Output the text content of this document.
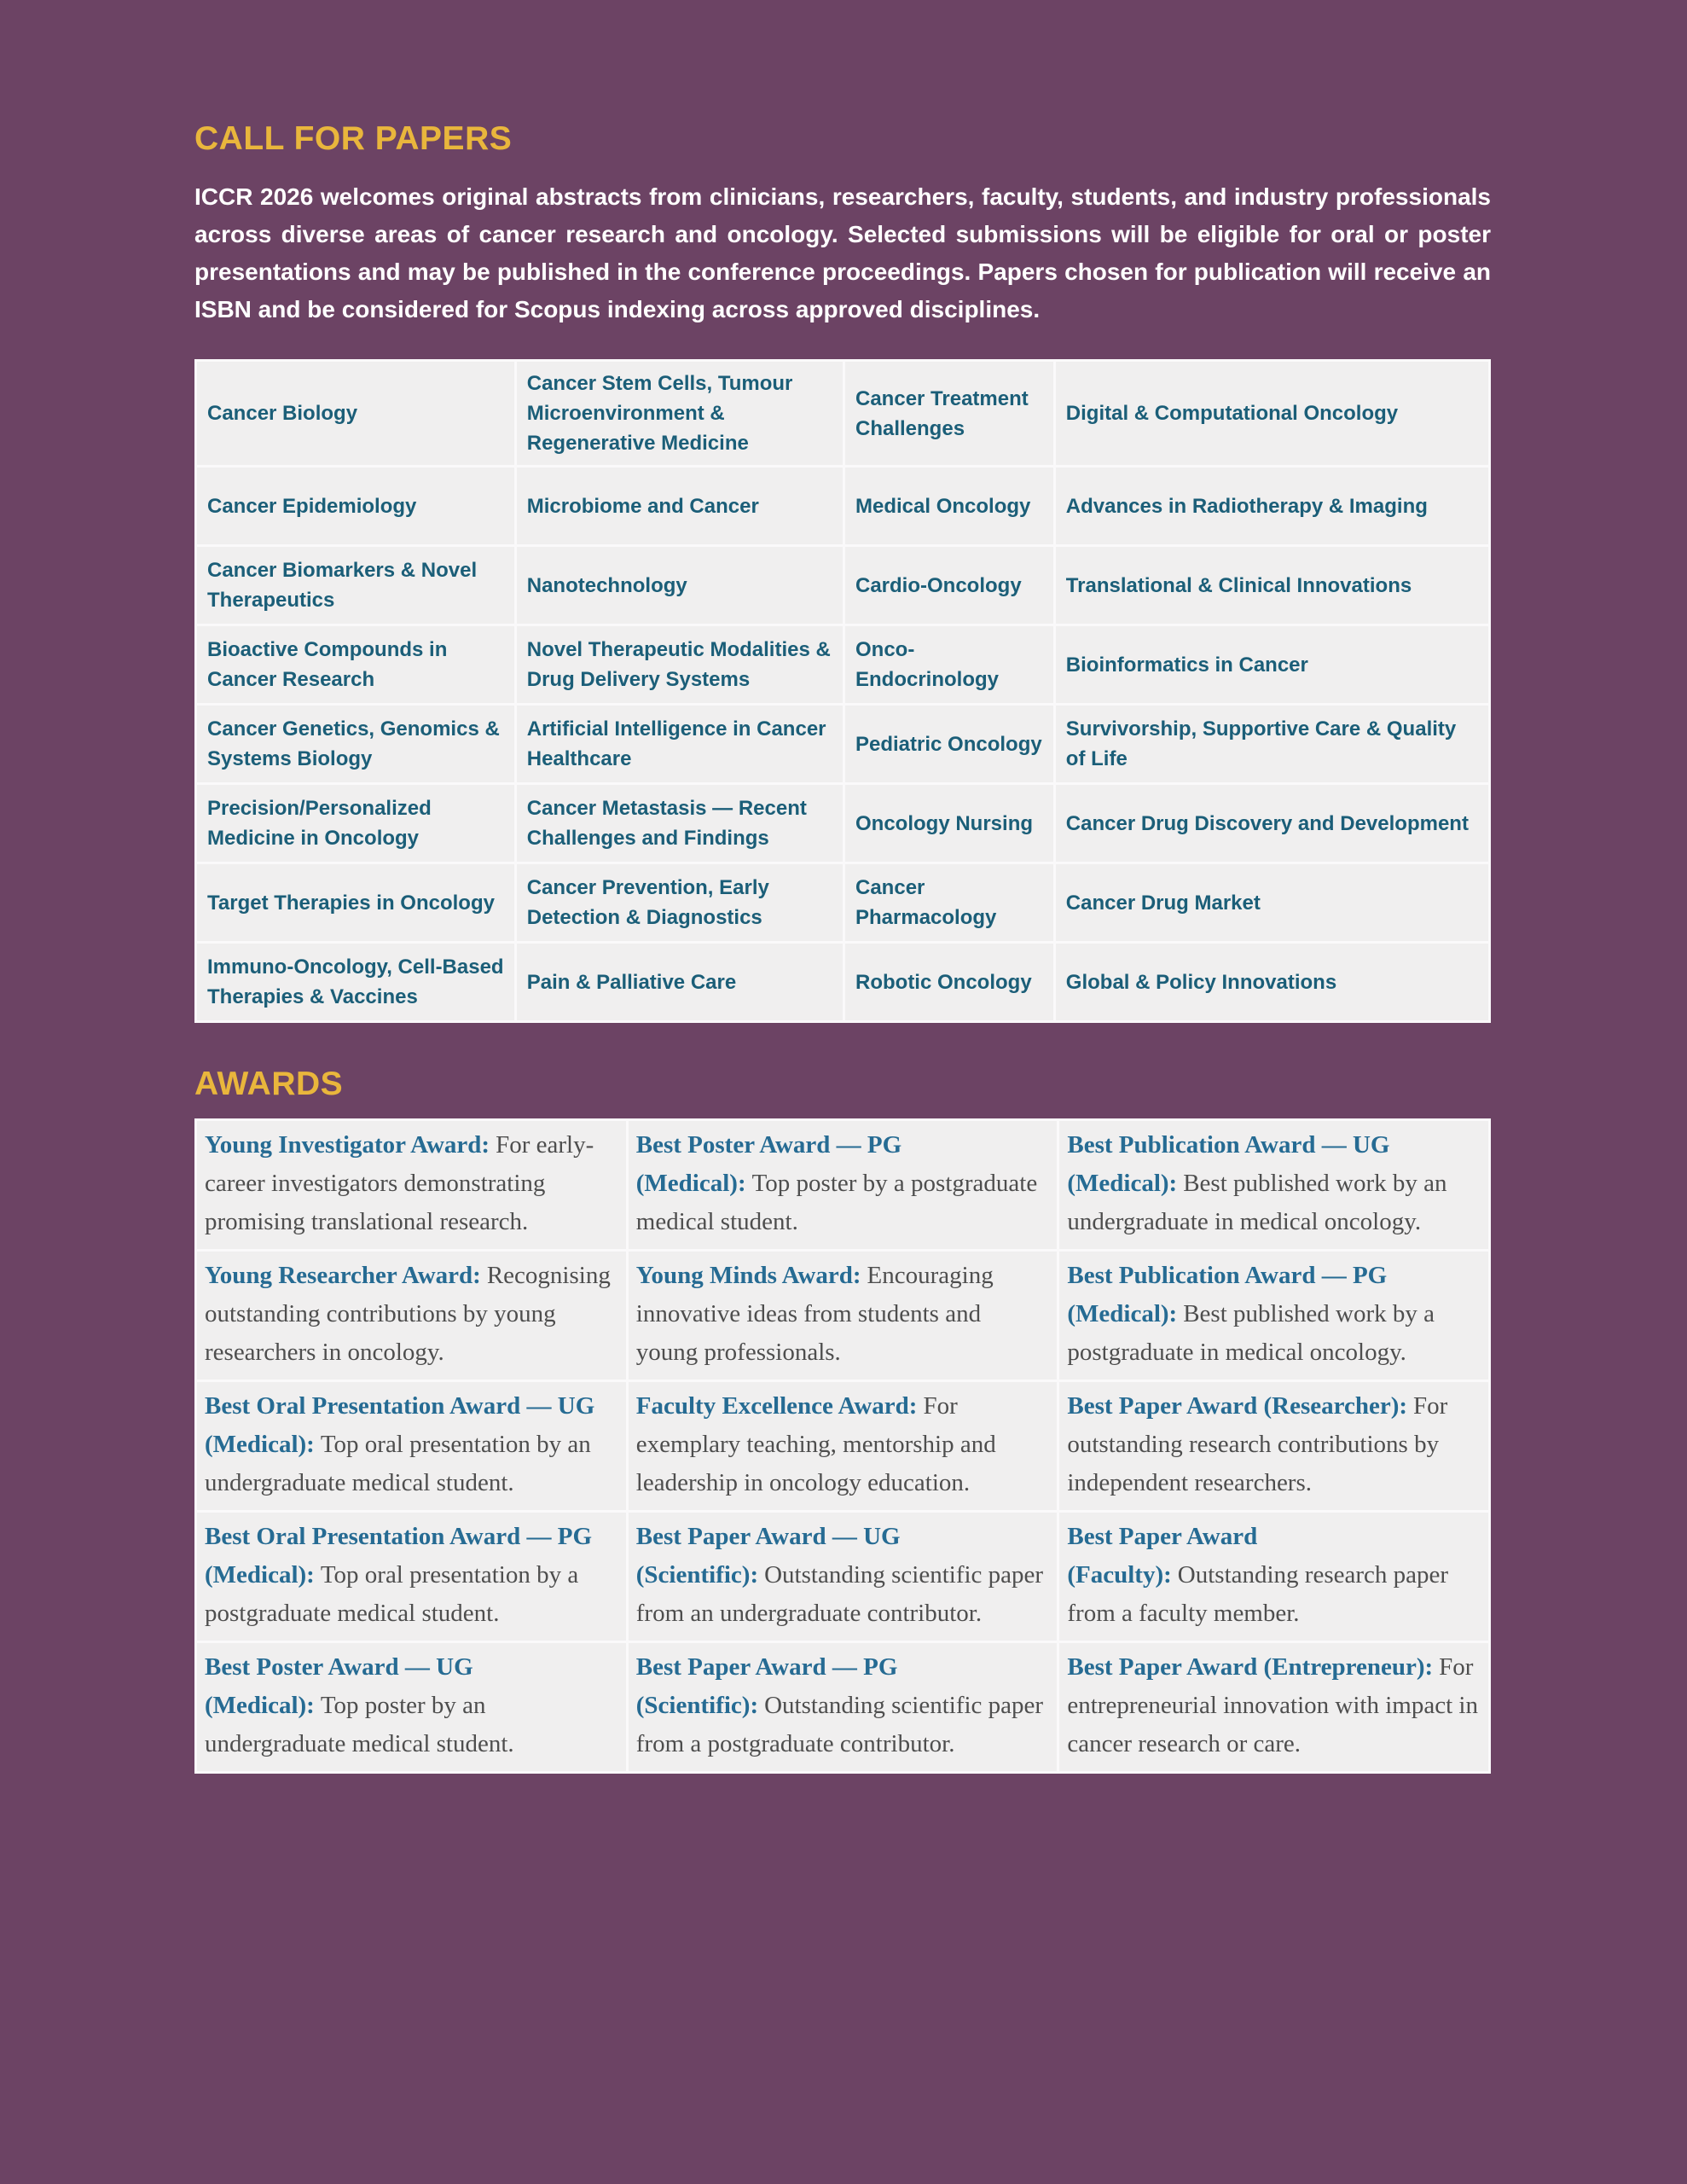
CALL FOR PAPERS

ICCR 2026 welcomes original abstracts from clinicians, researchers, faculty, students, and industry professionals across diverse areas of cancer research and oncology. Selected submissions will be eligible for oral or poster presentations and may be published in the conference proceedings. Papers chosen for publication will receive an ISBN and be considered for Scopus indexing across approved disciplines.

Cancer Biology	Cancer Stem Cells, Tumour Microenvironment & Regenerative Medicine	Cancer Treatment Challenges	Digital & Computational Oncology
Cancer Epidemiology	Microbiome and Cancer	Medical Oncology	Advances in Radiotherapy & Imaging
Cancer Biomarkers & Novel Therapeutics	Nanotechnology	Cardio-Oncology	Translational & Clinical Innovations
Bioactive Compounds in Cancer Research	Novel Therapeutic Modalities & Drug Delivery Systems	Onco-Endocrinology	Bioinformatics in Cancer
Cancer Genetics, Genomics & Systems Biology	Artificial Intelligence in Cancer Healthcare	Pediatric Oncology	Survivorship, Supportive Care & Quality of Life
Precision/Personalized Medicine in Oncology	Cancer Metastasis — Recent Challenges and Findings	Oncology Nursing	Cancer Drug Discovery and Development
Target Therapies in Oncology	Cancer Prevention, Early Detection & Diagnostics	Cancer Pharmacology	Cancer Drug Market
Immuno-Oncology, Cell-Based Therapies & Vaccines	Pain & Palliative Care	Robotic Oncology	Global & Policy Innovations
AWARDS
Young Investigator Award: For early-career investigators demonstrating promising translational research.	Best Poster Award — PG (Medical): Top poster by a postgraduate medical student.	Best Publication Award — UG (Medical): Best published work by an undergraduate in medical oncology.
Young Researcher Award: Recognising outstanding contributions by young researchers in oncology.	Young Minds Award: Encouraging innovative ideas from students and young professionals.	Best Publication Award — PG (Medical): Best published work by a postgraduate in medical oncology.
Best Oral Presentation Award — UG (Medical): Top oral presentation by an undergraduate medical student.	Faculty Excellence Award: For exemplary teaching, mentorship and leadership in oncology education.	Best Paper Award (Researcher): For outstanding research contributions by independent researchers.
Best Oral Presentation Award — PG (Medical): Top oral presentation by a postgraduate medical student.	Best Paper Award — UG (Scientific): Outstanding scientific paper from an undergraduate contributor.	Best Paper Award (Faculty): Outstanding research paper from a faculty member.
Best Poster Award — UG (Medical): Top poster by an undergraduate medical student.	Best Paper Award — PG (Scientific): Outstanding scientific paper from a postgraduate contributor.	Best Paper Award (Entrepreneur): For entrepreneurial innovation with impact in cancer research or care.
